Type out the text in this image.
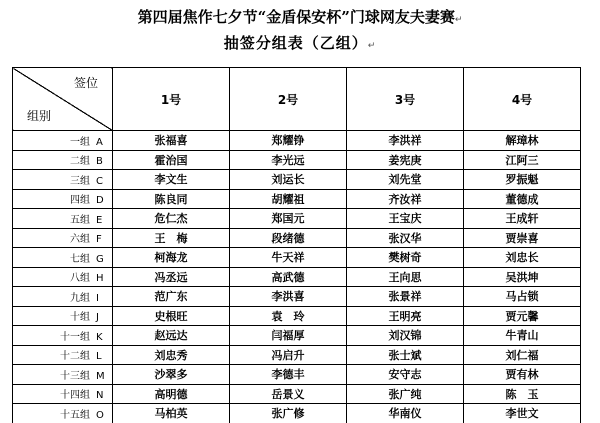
第四届焦作七夕节“金盾保安杯”门球网友夫妻赛↵
抽签分组表（乙组）↵
签位
组别	1号	2号	3号	4号
一组 A	张福喜	郑耀铮	李洪祥	解璋林
二组 B	霍治国	李光远	姜宪庚	江阿三
三组 C	李文生	刘运长	刘先堂	罗振魁
四组 D	陈良同	胡耀祖	齐汝祥	董德成
五组 E	危仁杰	郑国元	王宝庆	王成轩
六组 F	王　梅	段绪德	张汉华	贾崇喜
七组 G	柯海龙	牛天祥	樊树奇	刘忠长
八组 H	冯丞远	高武德	王向思	吴洪坤
九组 I	范广东	李洪喜	张景祥	马占锁
十组 J	史根旺	袁　玲	王明亮	贾元馨
十一组 K	赵远达	闫福厚	刘汉锦	牛青山
十二组 L	刘忠秀	冯启升	张士斌	刘仁福
十三组 M	沙翠多	李德丰	安守志	贾有林
十四组 N	高明德	岳景义	张广纯	陈　玉
十五组 O	马柏英	张广修	华南仪	李世文
